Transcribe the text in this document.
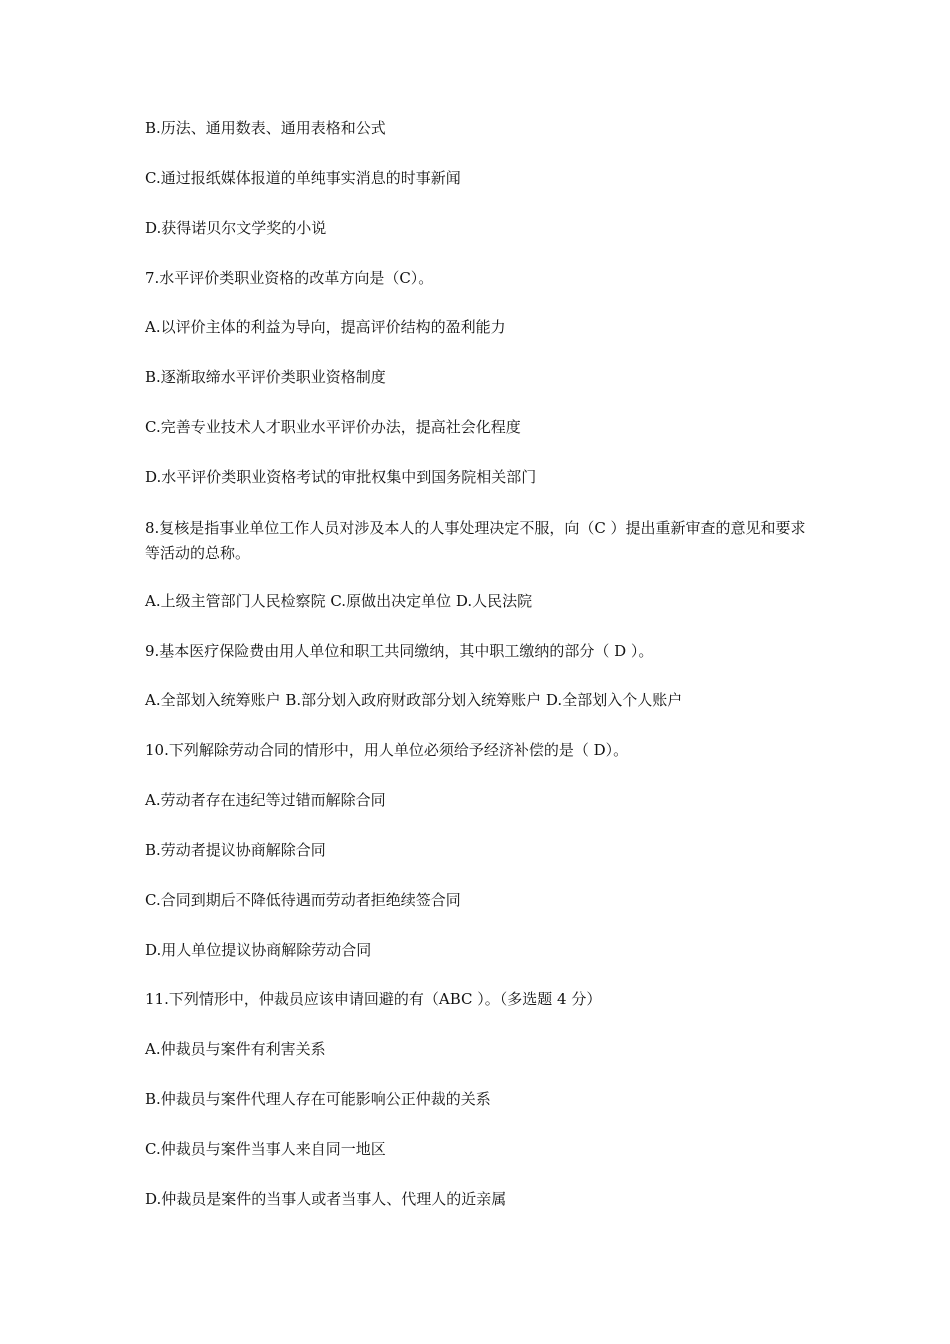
B.历法、通用数表、通用表格和公式
C.通过报纸媒体报道的单纯事实消息的时事新闻
D.获得诺贝尔文学奖的小说
7.水平评价类职业资格的改革方向是（C）。
A.以评价主体的利益为导向，提高评价结构的盈利能力
B.逐渐取缔水平评价类职业资格制度
C.完善专业技术人才职业水平评价办法，提高社会化程度
D.水平评价类职业资格考试的审批权集中到国务院相关部门
8.复核是指事业单位工作人员对涉及本人的人事处理决定不服，向（C ）提出重新审查的意见和要求等活动的总称。
A.上级主管部门人民检察院 C.原做出决定单位 D.人民法院
9.基本医疗保险费由用人单位和职工共同缴纳，其中职工缴纳的部分（ D ）。
A.全部划入统筹账户 B.部分划入政府财政部分划入统筹账户 D.全部划入个人账户
10.下列解除劳动合同的情形中，用人单位必须给予经济补偿的是（ D）。
A.劳动者存在违纪等过错而解除合同
B.劳动者提议协商解除合同
C.合同到期后不降低待遇而劳动者拒绝续签合同
D.用人单位提议协商解除劳动合同
11.下列情形中，仲裁员应该申请回避的有（ABC ）。（多选题 4 分）
A.仲裁员与案件有利害关系
B.仲裁员与案件代理人存在可能影响公正仲裁的关系
C.仲裁员与案件当事人来自同一地区
D.仲裁员是案件的当事人或者当事人、代理人的近亲属
